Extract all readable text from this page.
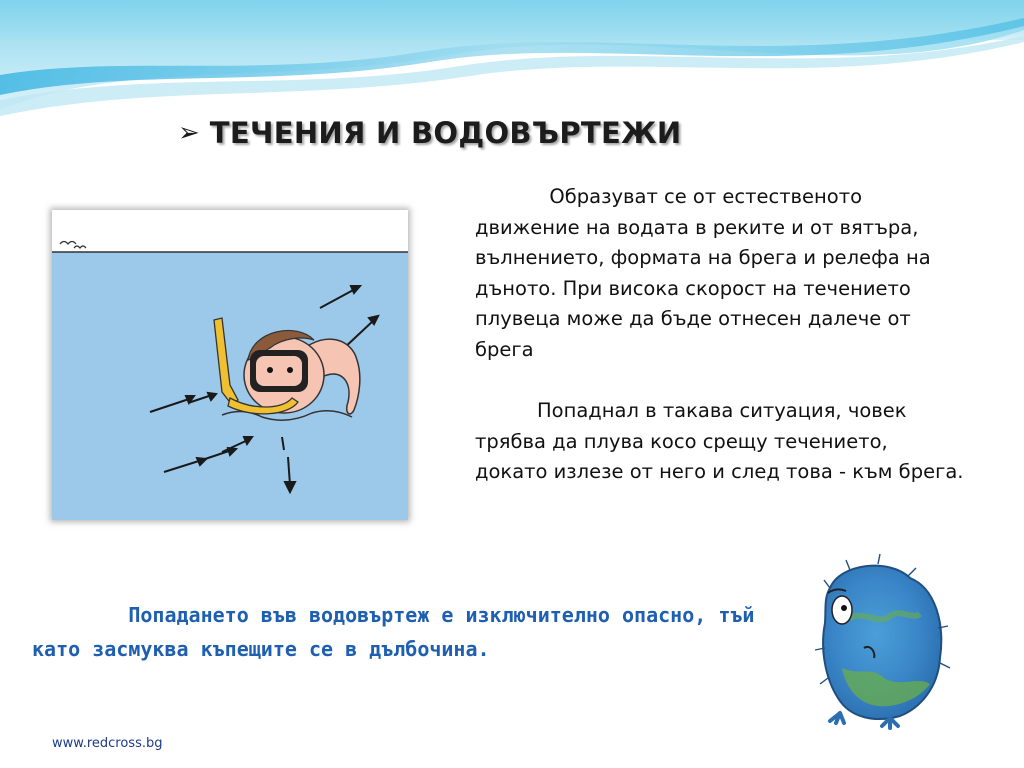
➢ ТЕЧЕНИЯ И ВОДОВЪРТЕЖИ
Образуват се от естественото движение на водата в реките и от вятъра, вълнението, формата на брега и релефа на дъното. При висока скорост на течението плувеца може да бъде отнесен далече от брега
Попаднал в такава ситуация, човек трябва да плува косо срещу течението, докато излезе от него и след това - към брега.
Попадането във водовъртеж е изключително опасно, тъй като засмуква къпещите се в дълбочина.
www.redcross.bg
